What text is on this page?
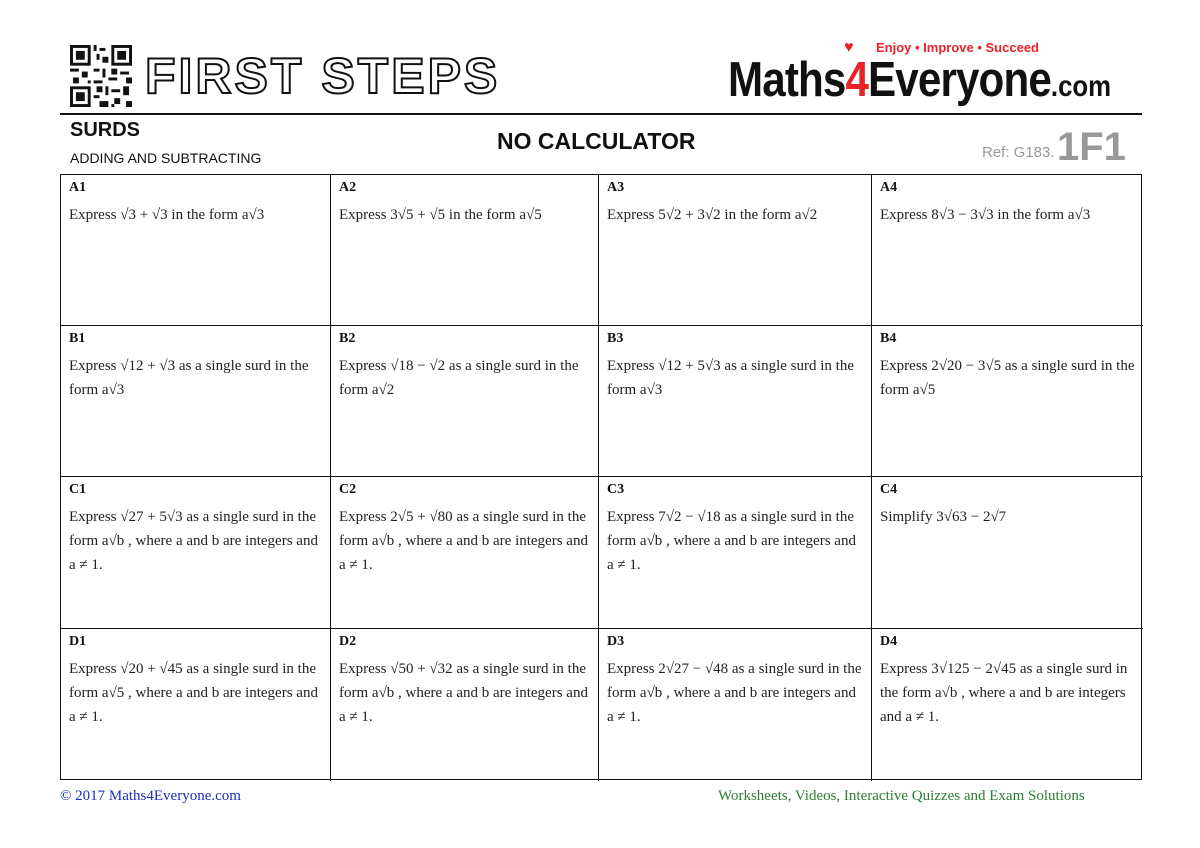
FIRST STEPS
♥ Enjoy • Improve • Succeed
Maths4Everyone.com
SURDS
ADDING AND SUBTRACTING
NO CALCULATOR	Ref: G183. 1F1
A1
Express √3 + √3 in the form a√3
A2
Express 3√5 + √5 in the form a√5
A3
Express 5√2 + 3√2 in the form a√2
A4
Express 8√3 − 3√3 in the form a√3
B1
Express √12 + √3 as a single surd in the form a√3
B2
Express √18 − √2 as a single surd in the form a√2
B3
Express √12 + 5√3 as a single surd in the form a√3
B4
Express 2√20 − 3√5 as a single surd in the form a√5
C1
Express √27 + 5√3 as a single surd in the form a√b , where a and b are integers and a ≠ 1.
C2
Express 2√5 + √80 as a single surd in the form a√b , where a and b are integers and a ≠ 1.
C3
Express 7√2 − √18 as a single surd in the form a√b , where a and b are integers and a ≠ 1.
C4
Simplify 3√63 − 2√7
D1
Express √20 + √45 as a single surd in the form a√5 , where a and b are integers and a ≠ 1.
D2
Express √50 + √32 as a single surd in the form a√b , where a and b are integers and a ≠ 1.
D3
Express 2√27 − √48 as a single surd in the form a√b , where a and b are integers and a ≠ 1.
D4
Express 3√125 − 2√45 as a single surd in the form a√b , where a and b are integers and a ≠ 1.
© 2017 Maths4Everyone.com	Worksheets, Videos, Interactive Quizzes and Exam Solutions
